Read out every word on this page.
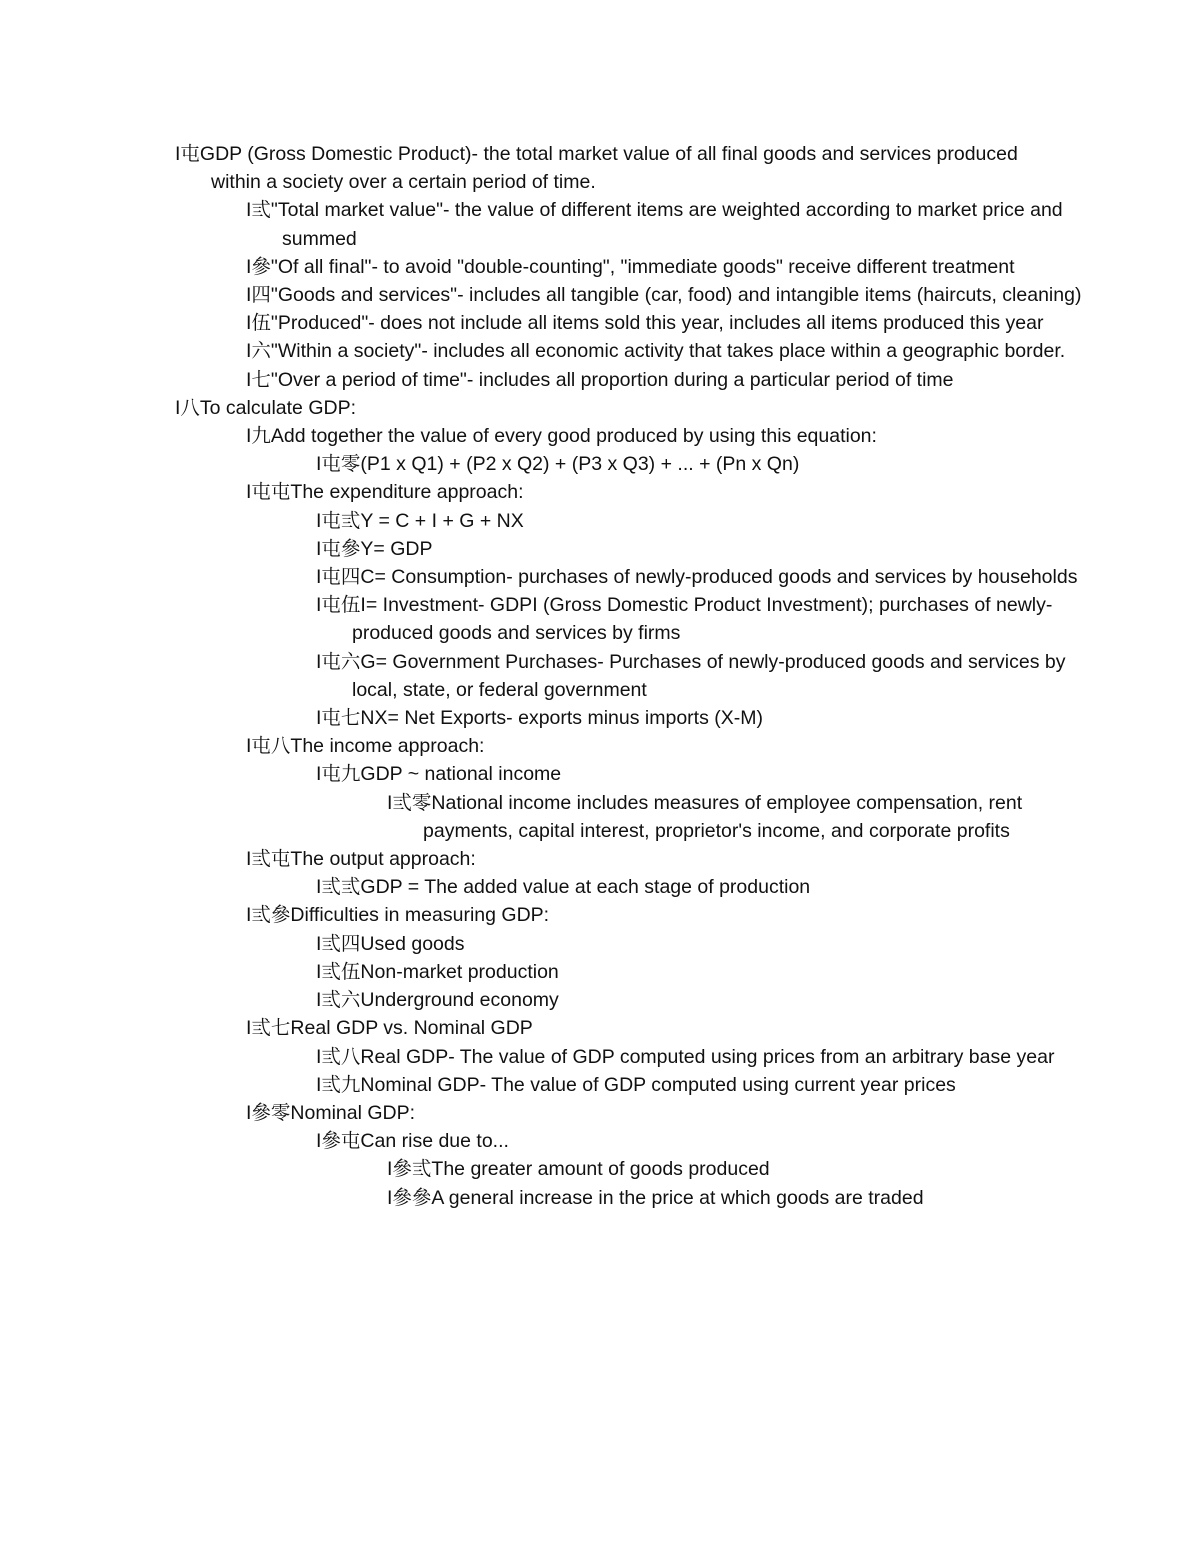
I屯GDP (Gross Domestic Product)- the total market value of all final goods and services produced within a society over a certain period of time.

I弎"Total market value"- the value of different items are weighted according to market price and summed

I參"Of all final"- to avoid "double-counting", "immediate goods" receive different treatment

I四"Goods and services"- includes all tangible (car, food) and intangible items (haircuts, cleaning)

I伍"Produced"- does not include all items sold this year, includes all items produced this year

I六"Within a society"- includes all economic activity that takes place within a geographic border.

I七"Over a period of time"- includes all proportion during a particular period of time

I八To calculate GDP:

I九Add together the value of every good produced by using this equation:

I屯零(P1 x Q1) + (P2 x Q2) + (P3 x Q3) + ... + (Pn x Qn)

I屯屯The expenditure approach:

I屯弎Y = C + I + G + NX

I屯參Y= GDP

I屯四C= Consumption- purchases of newly-produced goods and services by households

I屯伍I= Investment- GDPI (Gross Domestic Product Investment); purchases of newly-produced goods and services by firms

I屯六G= Government Purchases- Purchases of newly-produced goods and services by local, state, or federal government

I屯七NX= Net Exports- exports minus imports (X-M)

I屯八The income approach:

I屯九GDP ~ national income

I弎零National income includes measures of employee compensation, rent payments, capital interest, proprietor's income, and corporate profits

I弎屯The output approach:

I弎弎GDP = The added value at each stage of production

I弎參Difficulties in measuring GDP:

I弎四Used goods

I弎伍Non-market production

I弎六Underground economy

I弎七Real GDP vs. Nominal GDP

I弎八Real GDP- The value of GDP computed using prices from an arbitrary base year

I弎九Nominal GDP- The value of GDP computed using current year prices

I參零Nominal GDP:

I參屯Can rise due to...

I參弎The greater amount of goods produced

I參參A general increase in the price at which goods are traded
